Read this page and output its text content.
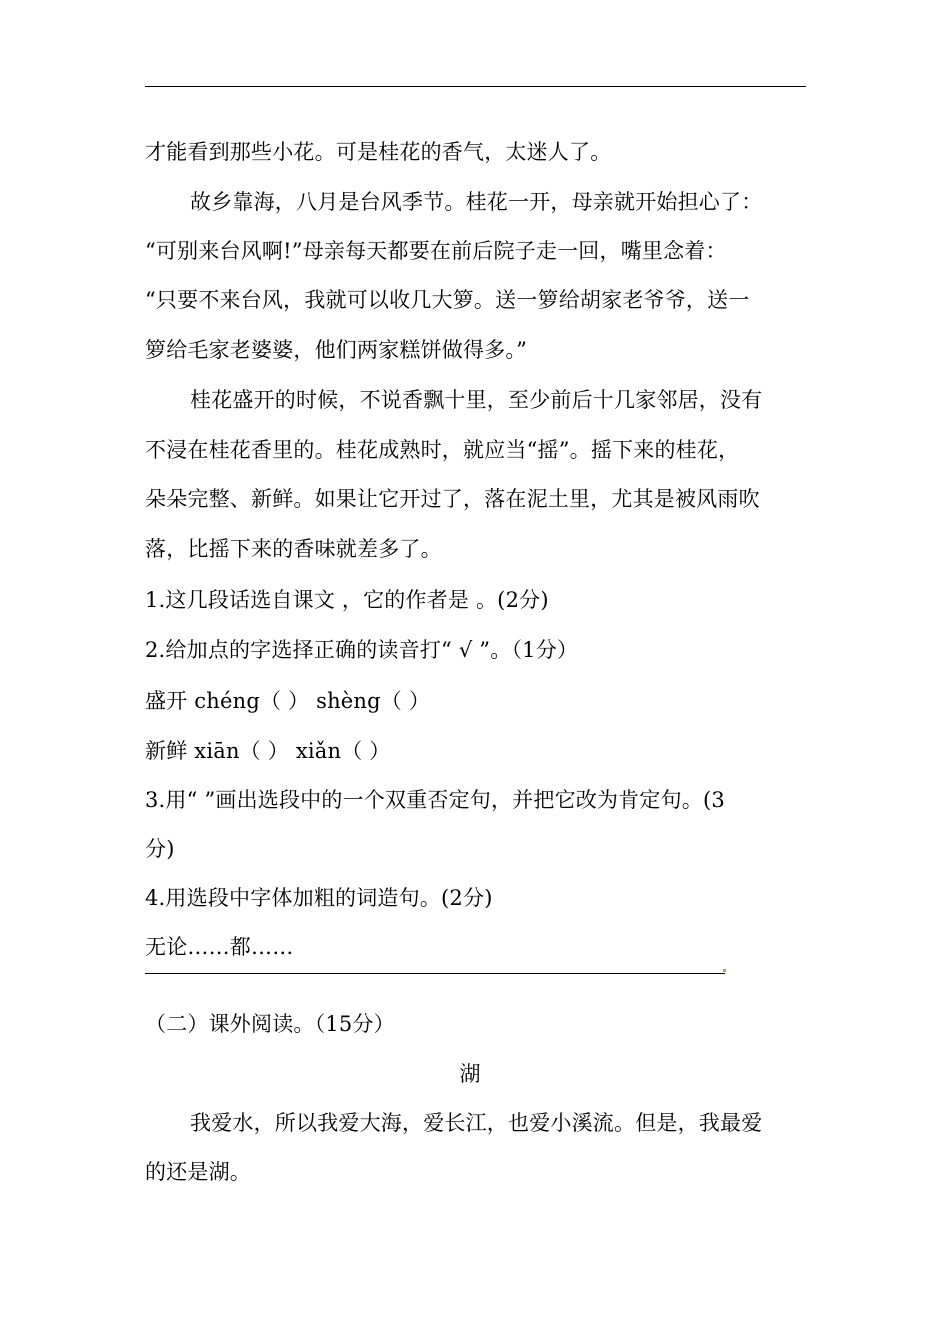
才能看到那些小花。可是桂花的香气，太迷人了。
故乡靠海，八月是台风季节。桂花一开，母亲就开始担心了：
“可别来台风啊!”母亲每天都要在前后院子走一回，嘴里念着：
“只要不来台风，我就可以收几大箩。送一箩给胡家老爷爷，送一
箩给毛家老婆婆，他们两家糕饼做得多。”
桂花盛开的时候，不说香飘十里，至少前后十几家邻居，没有
不浸在桂花香里的。桂花成熟时，就应当“摇”。摇下来的桂花，
朵朵完整、新鲜。如果让它开过了，落在泥土里，尤其是被风雨吹
落，比摇下来的香味就差多了。
1.这几段话选自课文 ，它的作者是 。(2分)
2.给加点的字选择正确的读音打“ √ ”。（1分）
盛开 chéng（ ） shèng（ ）
新鲜 xiān（ ） xiǎn（ ）
3.用“ ”画出选段中的一个双重否定句，并把它改为肯定句。(3
分)
4.用选段中字体加粗的词造句。(2分)
无论……都……
（二）课外阅读。（15分）
湖
我爱水，所以我爱大海，爱长江，也爱小溪流。但是，我最爱
的还是湖。
